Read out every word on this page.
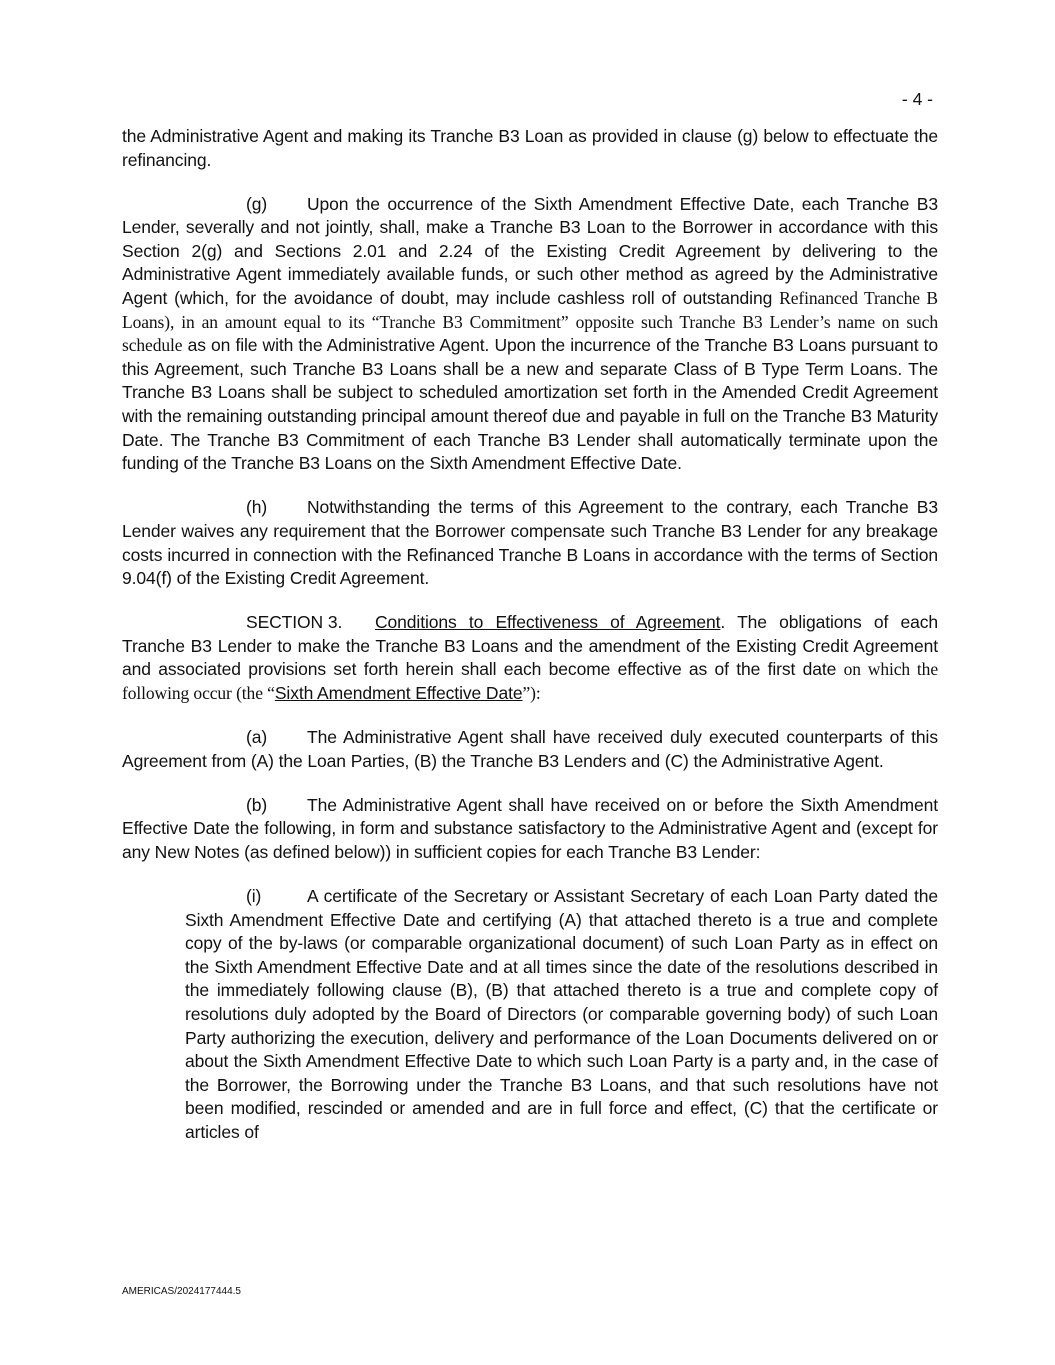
- 4 -

the Administrative Agent and making its Tranche B3 Loan as provided in clause (g) below to effectuate the refinancing.

(g) Upon the occurrence of the Sixth Amendment Effective Date, each Tranche B3 Lender, severally and not jointly, shall, make a Tranche B3 Loan to the Borrower in accordance with this Section 2(g) and Sections 2.01 and 2.24 of the Existing Credit Agreement by delivering to the Administrative Agent immediately available funds, or such other method as agreed by the Administrative Agent (which, for the avoidance of doubt, may include cashless roll of outstanding Refinanced Tranche B Loans), in an amount equal to its “Tranche B3 Commitment” opposite such Tranche B3 Lender’s name on such schedule as on file with the Administrative Agent. Upon the incurrence of the Tranche B3 Loans pursuant to this Agreement, such Tranche B3 Loans shall be a new and separate Class of B Type Term Loans. The Tranche B3 Loans shall be subject to scheduled amortization set forth in the Amended Credit Agreement with the remaining outstanding principal amount thereof due and payable in full on the Tranche B3 Maturity Date. The Tranche B3 Commitment of each Tranche B3 Lender shall automatically terminate upon the funding of the Tranche B3 Loans on the Sixth Amendment Effective Date.

(h) Notwithstanding the terms of this Agreement to the contrary, each Tranche B3 Lender waives any requirement that the Borrower compensate such Tranche B3 Lender for any breakage costs incurred in connection with the Refinanced Tranche B Loans in accordance with the terms of Section 9.04(f) of the Existing Credit Agreement.

SECTION 3. Conditions to Effectiveness of Agreement. The obligations of each Tranche B3 Lender to make the Tranche B3 Loans and the amendment of the Existing Credit Agreement and associated provisions set forth herein shall each become effective as of the first date on which the following occur (the “Sixth Amendment Effective Date”):

(a) The Administrative Agent shall have received duly executed counterparts of this Agreement from (A) the Loan Parties, (B) the Tranche B3 Lenders and (C) the Administrative Agent.

(b) The Administrative Agent shall have received on or before the Sixth Amendment Effective Date the following, in form and substance satisfactory to the Administrative Agent and (except for any New Notes (as defined below)) in sufficient copies for each Tranche B3 Lender:

(i)	A certificate of the Secretary or Assistant Secretary of each Loan Party dated the Sixth Amendment Effective Date and certifying (A) that attached thereto is a true and complete copy of the by-laws (or comparable organizational document) of such Loan Party as in effect on the Sixth Amendment Effective Date and at all times since the date of the resolutions described in the immediately following clause (B), (B) that attached thereto is a true and complete copy of resolutions duly adopted by the Board of Directors (or comparable governing body) of such Loan Party authorizing the execution, delivery and performance of the Loan Documents delivered on or about the Sixth Amendment Effective Date to which such Loan Party is a party and, in the case of the Borrower, the Borrowing under the Tranche B3 Loans, and that such resolutions have not been modified, rescinded or amended and are in full force and effect, (C) that the certificate or articles of

AMERICAS/2024177444.5
